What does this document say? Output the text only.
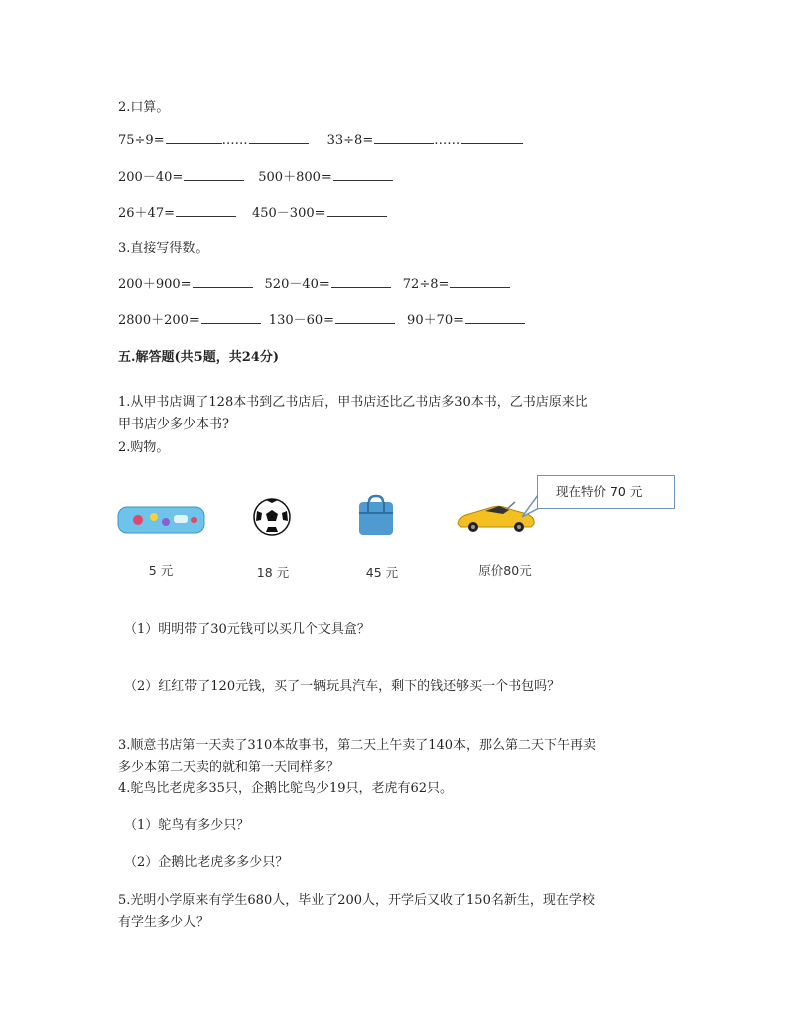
2.口算。
75÷9=	……	33÷8=	……
200－40=	500＋800=
26＋47=	450－300=
3.直接写得数。
200＋900=	520－40=	72÷8=
2800＋200=	130－60=	90＋70=
五.解答题(共5题，共24分)
1.从甲书店调了128本书到乙书店后，甲书店还比乙书店多30本书，乙书店原来比
甲书店少多少本书?
2.购物。
现在特价 70 元
5 元	18 元	45 元	原价80元
（1）明明带了30元钱可以买几个文具盒？
（2）红红带了120元钱，买了一辆玩具汽车，剩下的钱还够买一个书包吗？
3.顺意书店第一天卖了310本故事书，第二天上午卖了140本，那么第二天下午再卖
多少本第二天卖的就和第一天同样多？
4.鸵鸟比老虎多35只，企鹅比鸵鸟少19只，老虎有62只。
（1）鸵鸟有多少只？
（2）企鹅比老虎多多少只？
5.光明小学原来有学生680人，毕业了200人，开学后又收了150名新生，现在学校
有学生多少人？
